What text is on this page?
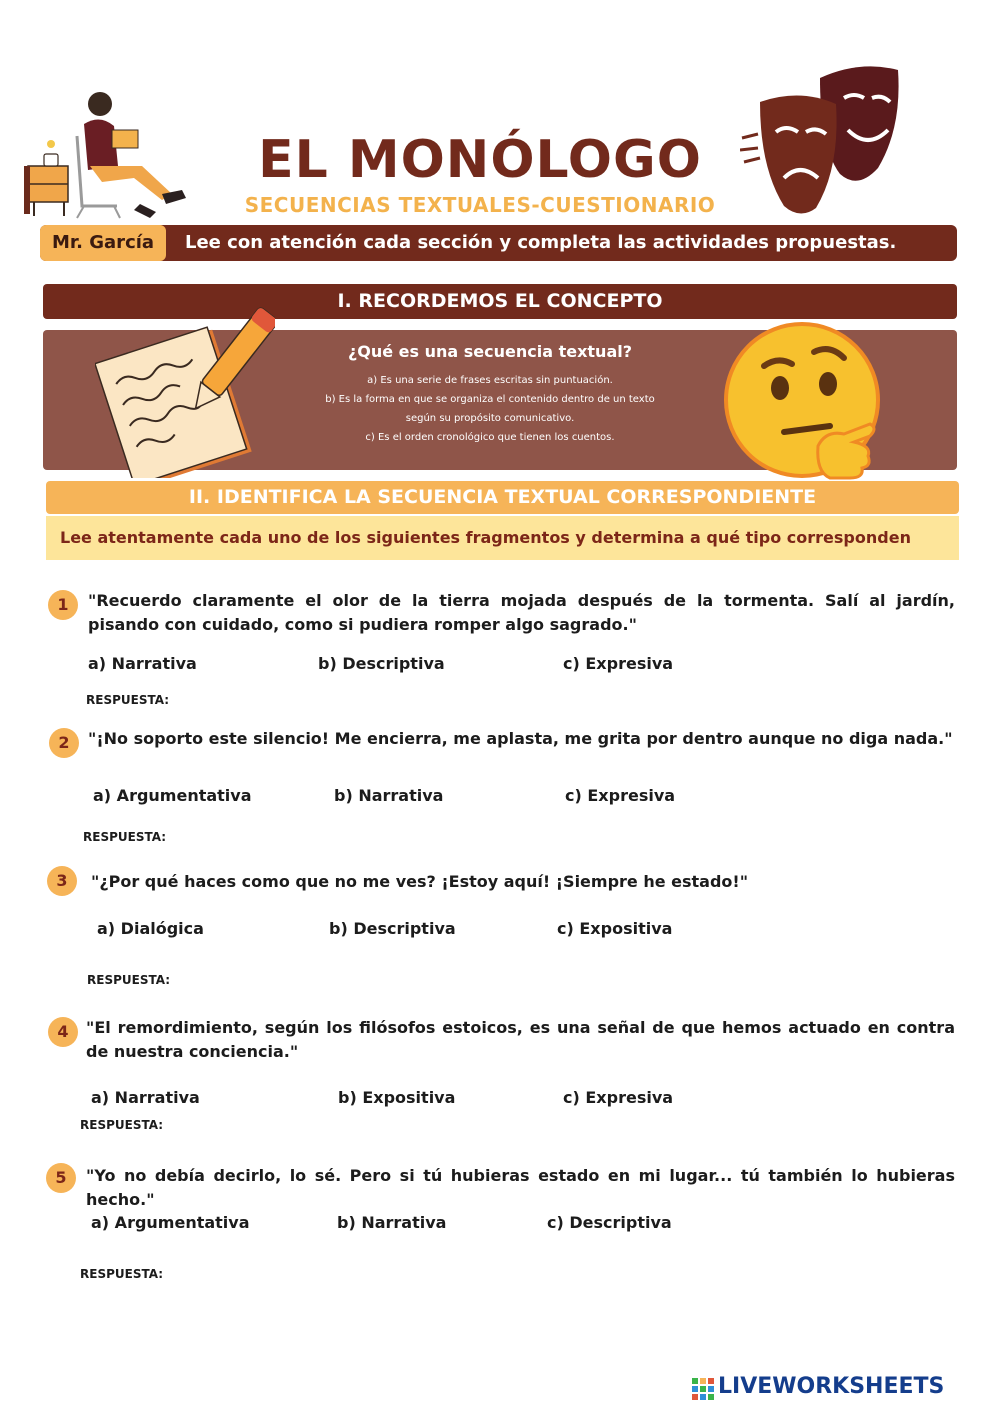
EL MONÓLOGO
SECUENCIAS TEXTUALES-CUESTIONARIO
Mr. García	Lee con atención cada sección y completa las actividades propuestas.
I. RECORDEMOS EL CONCEPTO
¿Qué es una secuencia textual?
a) Es una serie de frases escritas sin puntuación.
b) Es la forma en que se organiza el contenido dentro de un texto
según su propósito comunicativo.
c) Es el orden cronológico que tienen los cuentos.
II. IDENTIFICA LA SECUENCIA TEXTUAL CORRESPONDIENTE
Lee atentamente cada uno de los siguientes fragmentos y determina a qué tipo corresponden
1	"Recuerdo claramente el olor de la tierra mojada después de la tormenta. Salí al jardín, pisando con cuidado, como si pudiera romper algo sagrado."
a) Narrativa	b) Descriptiva	c) Expresiva
RESPUESTA:
2	"¡No soporto este silencio! Me encierra, me aplasta, me grita por dentro aunque no diga nada."
a) Argumentativa	b) Narrativa	c) Expresiva
RESPUESTA:
3	"¿Por qué haces como que no me ves? ¡Estoy aquí! ¡Siempre he estado!"
a) Dialógica	b) Descriptiva	c) Expositiva
RESPUESTA:
4	"El remordimiento, según los filósofos estoicos, es una señal de que hemos actuado en contra de nuestra conciencia."
a) Narrativa	b) Expositiva	c) Expresiva
RESPUESTA:
5	"Yo no debía decirlo, lo sé. Pero si tú hubieras estado en mi lugar... tú también lo hubieras hecho."
a) Argumentativa	b) Narrativa	c) Descriptiva
RESPUESTA:
LIVEWORKSHEETS
